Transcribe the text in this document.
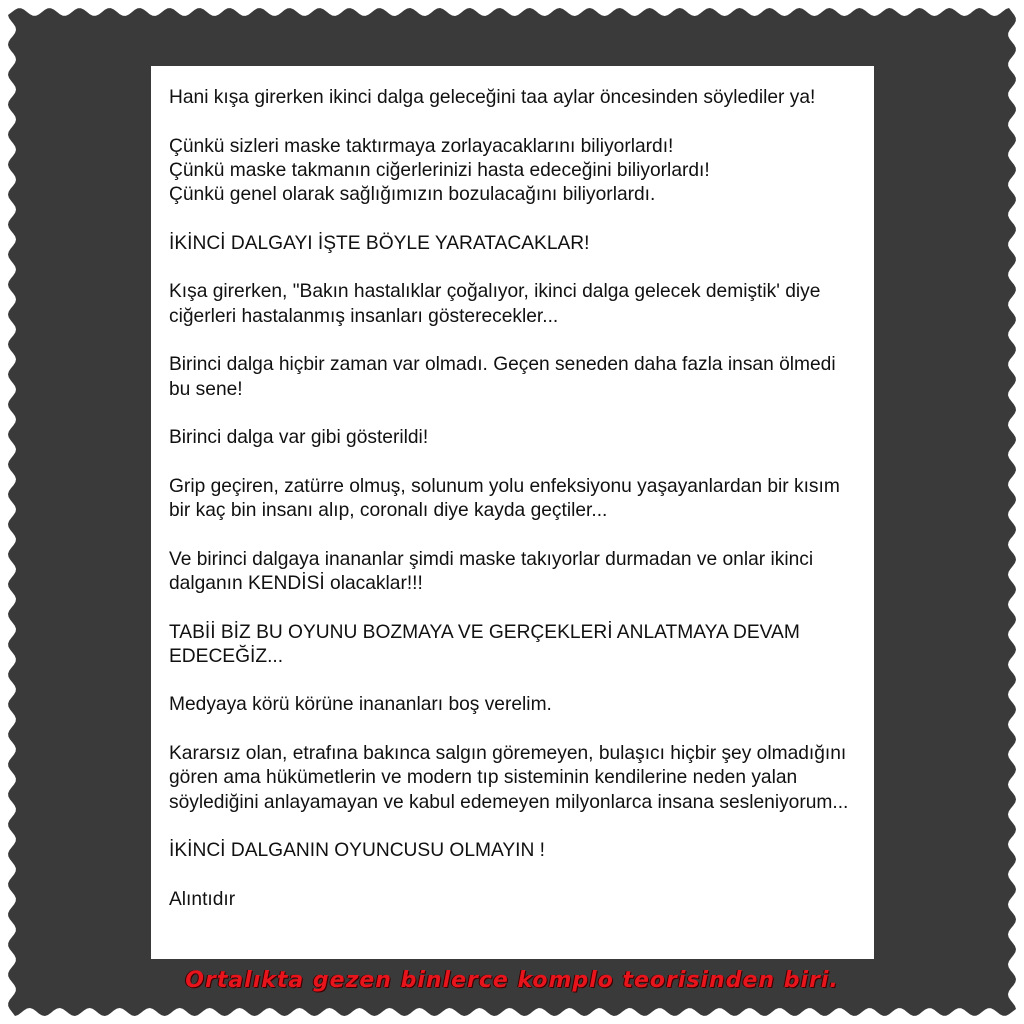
Hani kışa girerken ikinci dalga geleceğini taa aylar öncesinden söylediler ya!

Çünkü sizleri maske taktırmaya zorlayacaklarını biliyorlardı!
Çünkü maske takmanın ciğerlerinizi hasta edeceğini biliyorlardı!
Çünkü genel olarak sağlığımızın bozulacağını biliyorlardı.

İKİNCİ DALGAYI İŞTE BÖYLE YARATACAKLAR!

Kışa girerken, "Bakın hastalıklar çoğalıyor, ikinci dalga gelecek demiştik' diye ciğerleri hastalanmış insanları gösterecekler...

Birinci dalga hiçbir zaman var olmadı. Geçen seneden daha fazla insan ölmedi bu sene!

Birinci dalga var gibi gösterildi!

Grip geçiren, zatürre olmuş, solunum yolu enfeksiyonu yaşayanlardan bir kısım bir kaç bin insanı alıp, coronalı diye kayda geçtiler...

Ve birinci dalgaya inananlar şimdi maske takıyorlar durmadan ve onlar ikinci dalganın KENDİSİ olacaklar!!!

TABİİ BİZ BU OYUNU BOZMAYA VE GERÇEKLERİ ANLATMAYA DEVAM EDECEĞİZ...

Medyaya körü körüne inananları boş verelim.

Kararsız olan, etrafına bakınca salgın göremeyen, bulaşıcı hiçbir şey olmadığını gören ama hükümetlerin ve modern tıp sisteminin kendilerine neden yalan söylediğini anlayamayan ve kabul edemeyen milyonlarca insana sesleniyorum...

İKİNCİ DALGANIN OYUNCUSU OLMAYIN !

Alıntıdır

Ortalıkta gezen binlerce komplo teorisinden biri.
